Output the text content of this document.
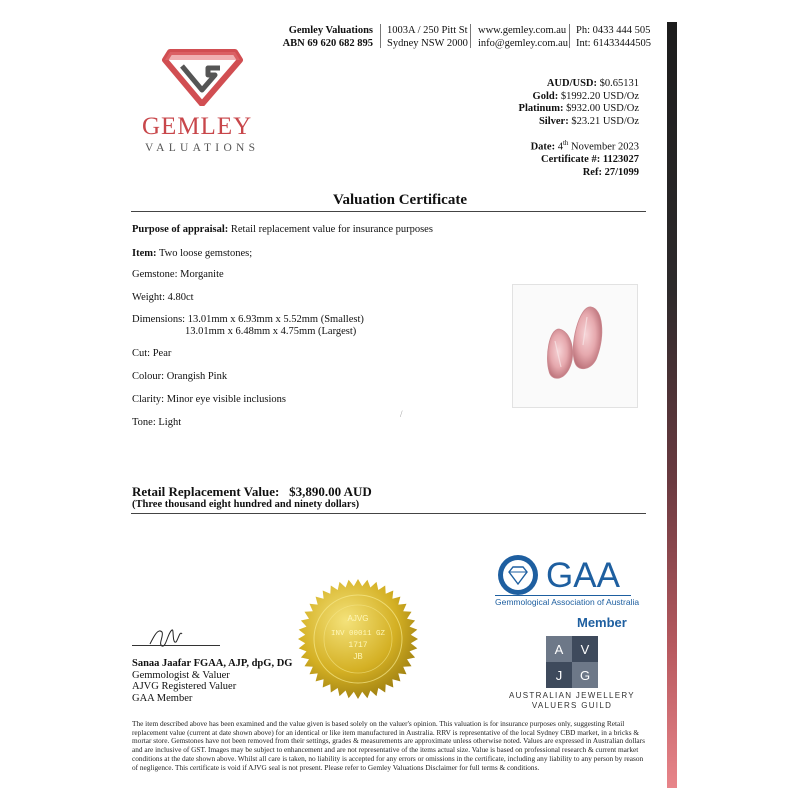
Gemley Valuations
ABN 69 620 682 895
1003A / 250 Pitt St
Sydney NSW 2000
www.gemley.com.au
info@gemley.com.au
Ph: 0433 444 505
Int: 61433444505
GEMLEY
VALUATIONS
AUD/USD: $0.65131
Gold: $1992.20 USD/Oz
Platinum: $932.00 USD/Oz
Silver: $23.21 USD/Oz
Date: 4th November 2023
Certificate #: 1123027
Ref: 27/1099
Valuation Certificate
Purpose of appraisal: Retail replacement value for insurance purposes
Item: Two loose gemstones;
Gemstone: Morganite
Weight: 4.80ct
Dimensions: 13.01mm x 6.93mm x 5.52mm (Smallest)
13.01mm x 6.48mm x 4.75mm (Largest)
Cut: Pear
Colour: Orangish Pink
Clarity: Minor eye visible inclusions
Tone: Light
/
Retail Replacement Value: $3,890.00 AUD
(Three thousand eight hundred and ninety dollars)
Sanaa Jaafar FGAA, AJP, dpG, DG
Gemmologist & Valuer
AJVG Registered Valuer
GAA Member
AJVG
INV 00011 GZ
1717
JB
GAA
Gemmological Association of Australia
Member
A	V
J	G
AUSTRALIAN JEWELLERY
VALUERS GUILD
The item described above has been examined and the value given is based solely on the valuer's opinion. This valuation is for insurance purposes only, suggesting Retail replacement value (current at date shown above) for an identical or like item manufactured in Australia. RRV is representative of the local Sydney CBD market, in a bricks & mortar store. Gemstones have not been removed from their settings, grades & measurements are approximate unless otherwise noted. Values are expressed in Australian dollars and are inclusive of GST. Images may be subject to enhancement and are not representative of the items actual size. Value is based on professional research & current market conditions at the date shown above. Whilst all care is taken, no liability is accepted for any errors or omissions in the certificate, including any liability to any person by reason of negligence. This certificate is void if AJVG seal is not present. Please refer to Gemley Valuations Disclaimer for full terms & conditions.
